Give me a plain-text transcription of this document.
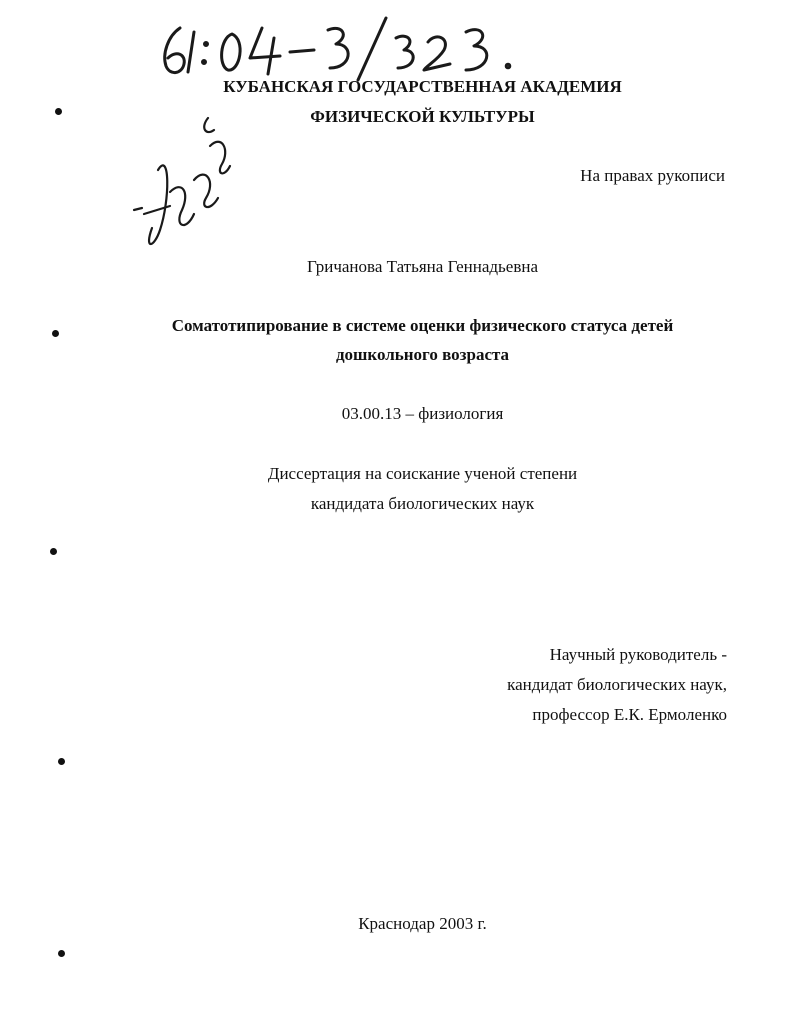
КУБАНСКАЯ ГОСУДАРСТВЕННАЯ АКАДЕМИЯ
ФИЗИЧЕСКОЙ КУЛЬТУРЫ
На правах рукописи
Гричанова Татьяна Геннадьевна
Соматотипирование в системе оценки физического статуса детей
дошкольного возраста
03.00.13 – физиология
Диссертация на соискание ученой степени
кандидата биологических наук
Научный руководитель -
кандидат биологических наук,
профессор Е.К. Ермоленко
Краснодар 2003 г.
